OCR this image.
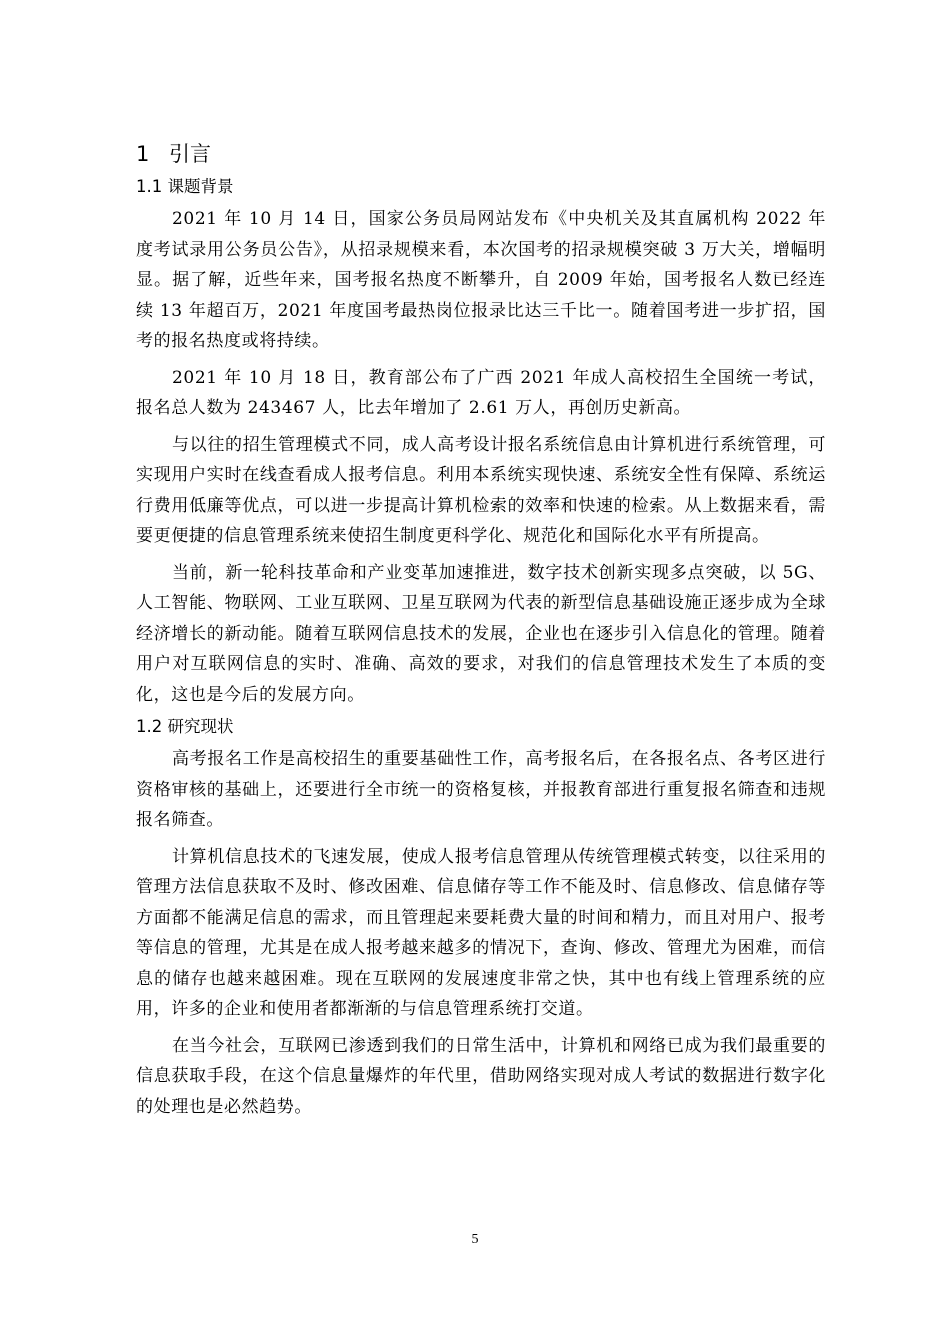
1 引言
1.1 课题背景

2021 年 10 月 14 日，国家公务员局网站发布《中央机关及其直属机构 2022 年度考试录用公务员公告》，从招录规模来看，本次国考的招录规模突破 3 万大关，增幅明显。据了解，近些年来，国考报名热度不断攀升，自 2009 年始，国考报名人数已经连续 13 年超百万，2021 年度国考最热岗位报录比达三千比一。随着国考进一步扩招，国考的报名热度或将持续。

2021 年 10 月 18 日，教育部公布了广西 2021 年成人高校招生全国统一考试，报名总人数为 243467 人，比去年增加了 2.61 万人，再创历史新高。

与以往的招生管理模式不同，成人高考设计报名系统信息由计算机进行系统管理，可实现用户实时在线查看成人报考信息。利用本系统实现快速、系统安全性有保障、系统运行费用低廉等优点，可以进一步提高计算机检索的效率和快速的检索。从上数据来看，需要更便捷的信息管理系统来使招生制度更科学化、规范化和国际化水平有所提高。

当前，新一轮科技革命和产业变革加速推进，数字技术创新实现多点突破，以 5G、人工智能、物联网、工业互联网、卫星互联网为代表的新型信息基础设施正逐步成为全球经济增长的新动能。随着互联网信息技术的发展，企业也在逐步引入信息化的管理。随着用户对互联网信息的实时、准确、高效的要求，对我们的信息管理技术发生了本质的变化，这也是今后的发展方向。

1.2 研究现状

高考报名工作是高校招生的重要基础性工作，高考报名后，在各报名点、各考区进行资格审核的基础上，还要进行全市统一的资格复核，并报教育部进行重复报名筛查和违规报名筛查。

计算机信息技术的飞速发展，使成人报考信息管理从传统管理模式转变，以往采用的管理方法信息获取不及时、修改困难、信息储存等工作不能及时、信息修改、信息储存等方面都不能满足信息的需求，而且管理起来要耗费大量的时间和精力，而且对用户、报考等信息的管理，尤其是在成人报考越来越多的情况下，查询、修改、管理尤为困难，而信息的储存也越来越困难。现在互联网的发展速度非常之快，其中也有线上管理系统的应用，许多的企业和使用者都渐渐的与信息管理系统打交道。

在当今社会，互联网已渗透到我们的日常生活中，计算机和网络已成为我们最重要的信息获取手段，在这个信息量爆炸的年代里，借助网络实现对成人考试的数据进行数字化的处理也是必然趋势。

5
